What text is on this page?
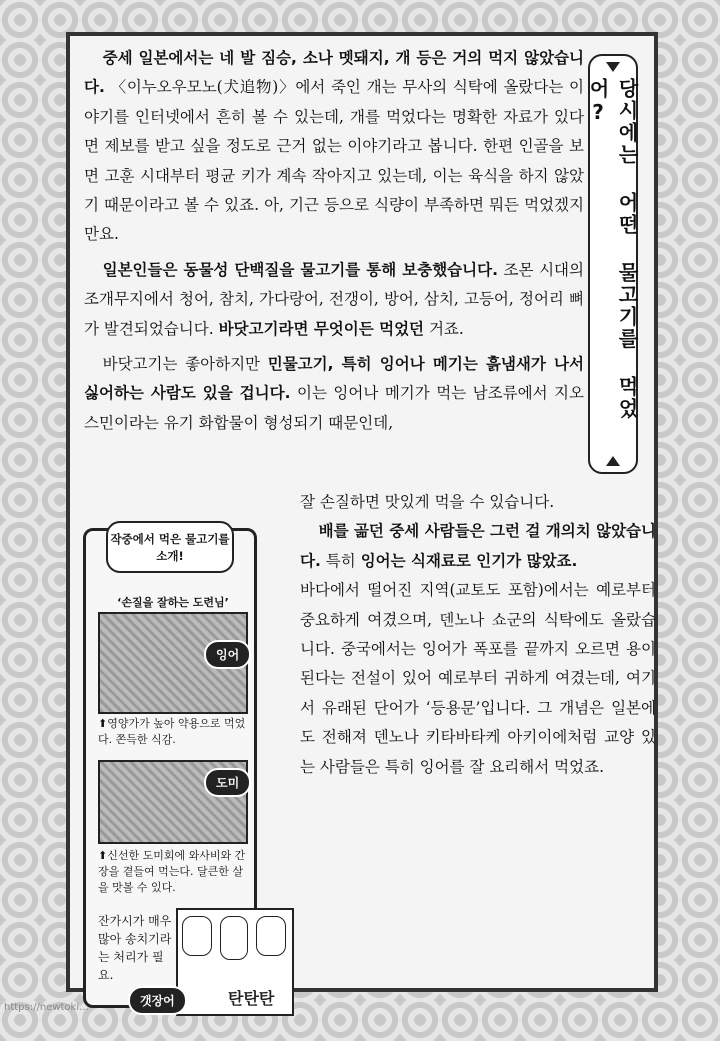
중세 일본에서는 네 발 짐승, 소나 멧돼지, 개 등은 거의 먹지 않았습니다. 〈이누오우모노(犬追物)〉에서 죽인 개는 무사의 식탁에 올랐다는 이야기를 인터넷에서 흔히 볼 수 있는데, 개를 먹었다는 명확한 자료가 있다면 제보를 받고 싶을 정도로 근거 없는 이야기라고 봅니다. 한편 인골을 보면 고훈 시대부터 평균 키가 계속 작아지고 있는데, 이는 육식을 하지 않았기 때문이라고 볼 수 있죠. 아, 기근 등으로 식량이 부족하면 뭐든 먹었겠지만요.

일본인들은 동물성 단백질을 물고기를 통해 보충했습니다. 조몬 시대의 조개무지에서 청어, 참치, 가다랑어, 전갱이, 방어, 삼치, 고등어, 정어리 뼈가 발견되었습니다. 바닷고기라면 무엇이든 먹었던 거죠.

바닷고기는 좋아하지만 민물고기, 특히 잉어나 메기는 흙냄새가 나서 싫어하는 사람도 있을 겁니다. 이는 잉어나 메기가 먹는 남조류에서 지오스민이라는 유기 화합물이 형성되기 때문인데,

잘 손질하면 맛있게 먹을 수 있습니다.

배를 곪던 중세 사람들은 그런 걸 개의치 않았습니다. 특히 잉어는 식재료로 인기가 많았죠.

바다에서 떨어진 지역(교토도 포함)에서는 예로부터 중요하게 여겼으며, 덴노나 쇼군의 식탁에도 올랐습니다. 중국에서는 잉어가 폭포를 끝까지 오르면 용이 된다는 전설이 있어 예로부터 귀하게 여겼는데, 여기서 유래된 단어가 ‘등용문’입니다. 그 개념은 일본에도 전해져 덴노나 키타바타케 아키이에처럼 교양 있는 사람들은 특히 잉어를 잘 요리해서 먹었죠.

당시에는 어떤 물고기를 먹었어?
작중에서 먹은 물고기를 소개!
‘손질을 잘하는 도련님’
잉어
⬆영양가가 높아 약용으로 먹었다. 쫀득한 식감.
도미
⬆신선한 도미회에 와사비와 간장을 곁들여 먹는다. 달큰한 살을 맛볼 수 있다.
잔가시가 매우 많아 송치기라는 처리가 필요.
갯장어	탄탄탄
https://newtoki...
